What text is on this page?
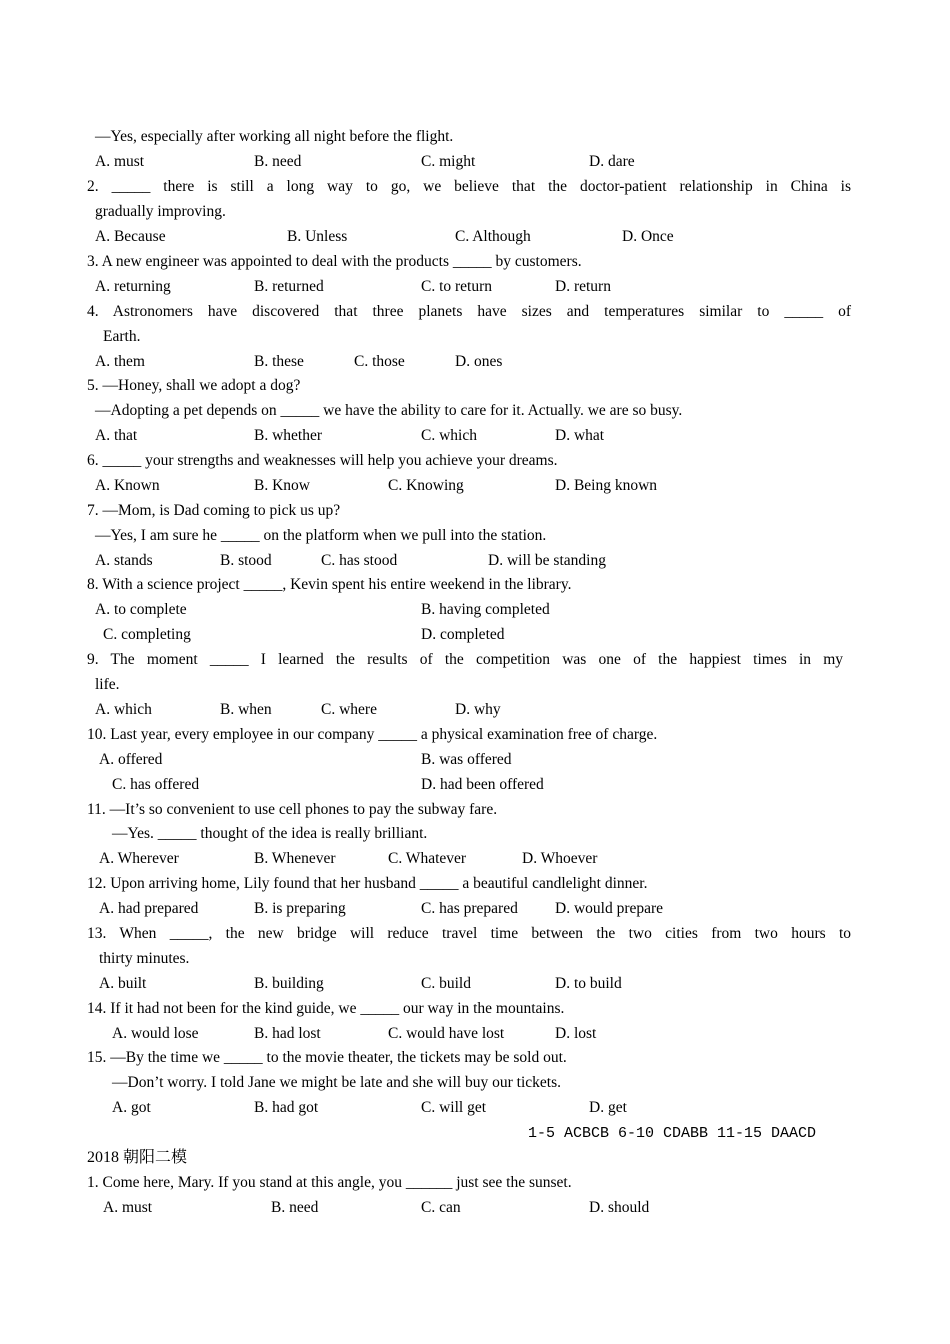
—Yes, especially after working all night before the flight.
A. must	B. need	C. might	D. dare
2. _____ there is still a long way to go, we believe that the doctor-patient relationship in China is
gradually improving.
A. Because	B. Unless	C. Although	D. Once
3. A new engineer was appointed to deal with the products _____ by customers.
A. returning	B. returned	C. to return	D. return
4. Astronomers have discovered that three planets have sizes and temperatures similar to _____ of
Earth.
A. them	B. these	C. those	D. ones
5. —Honey, shall we adopt a dog?
—Adopting a pet depends on _____ we have the ability to care for it. Actually. we are so busy.
A. that	B. whether	C. which	D. what
6. _____ your strengths and weaknesses will help you achieve your dreams.
A. Known	B. Know	C. Knowing	D. Being known
7. —Mom, is Dad coming to pick us up?
—Yes, I am sure he _____ on the platform when we pull into the station.
A. stands	B. stood	C. has stood	D. will be standing
8. With a science project _____, Kevin spent his entire weekend in the library.
A. to complete	B. having completed
C. completing	D. completed
9. The moment _____ I learned the results of the competition was one of the happiest times in my
life.
A. which	B. when	C. where	D. why
10. Last year, every employee in our company _____ a physical examination free of charge.
A. offered	B. was offered
C. has offered	D. had been offered
11. —It’s so convenient to use cell phones to pay the subway fare.
—Yes. _____ thought of the idea is really brilliant.
A. Wherever	B. Whenever	C. Whatever	D. Whoever
12. Upon arriving home, Lily found that her husband _____ a beautiful candlelight dinner.
A. had prepared	B. is preparing	C. has prepared D. would prepare
13. When _____, the new bridge will reduce travel time between the two cities from two hours to
thirty minutes.
A. built	B. building	C. build	D. to build
14. If it had not been for the kind guide, we _____ our way in the mountains.
A. would lose	B. had lost	C. would have lost	D. lost
15. —By the time we _____ to the movie theater, the tickets may be sold out.
—Don’t worry. I told Jane we might be late and she will buy our tickets.
A. got	B. had got	C. will get	D. get
1-5 ACBCB 6-10 CDABB 11-15 DAACD
2018 朝阳二模
1. Come here, Mary. If you stand at this angle, you ______ just see the sunset.
A. must	B. need	C. can	D. should
